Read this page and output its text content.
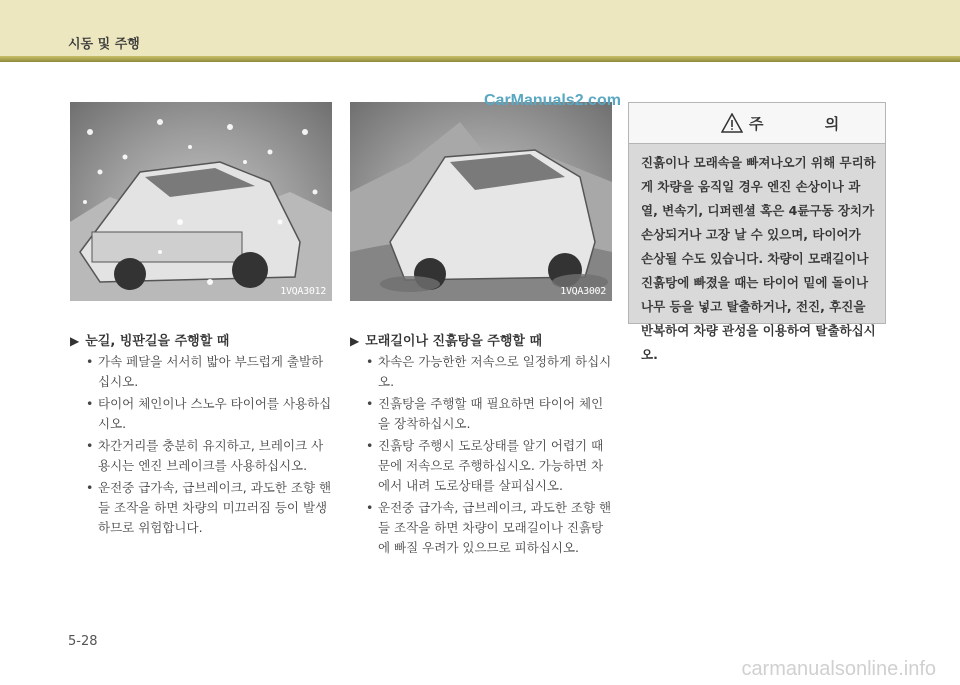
시동 및 주행
1VQA3012	1VQA3002
CarManuals2.com
주 의
진흙이나 모래속을 빠져나오기 위해 무리하게 차량을 움직일 경우 엔진 손상이나 과열, 변속기, 디퍼렌셜 혹은 4륜구동 장치가 손상되거나 고장 날 수 있으며, 타이어가 손상될 수도 있습니다. 차량이 모래길이나 진흙탕에 빠졌을 때는 타이어 밑에 돌이나 나무 등을 넣고 탈출하거나, 전진, 후진을 반복하여 차량 관성을 이용하여 탈출하십시오.
▶ 눈길, 빙판길을 주행할 때
• 가속 페달을 서서히 밟아 부드럽게 출발하십시오.
• 타이어 체인이나 스노우 타이어를 사용하십시오.
• 차간거리를 충분히 유지하고, 브레이크 사용시는 엔진 브레이크를 사용하십시오.
• 운전중 급가속, 급브레이크, 과도한 조향 핸들 조작을 하면 차량의 미끄러짐 등이 발생하므로 위험합니다.
▶ 모래길이나 진흙탕을 주행할 때
• 차속은 가능한한 저속으로 일정하게 하십시오.
• 진흙탕을 주행할 때 필요하면 타이어 체인을 장착하십시오.
• 진흙탕 주행시 도로상태를 알기 어렵기 때문에 저속으로 주행하십시오. 가능하면 차에서 내려 도로상태를 살피십시오.
• 운전중 급가속, 급브레이크, 과도한 조향 핸들 조작을 하면 차량이 모래길이나 진흙탕에 빠질 우려가 있으므로 피하십시오.
5-28
carmanualsonline.info
